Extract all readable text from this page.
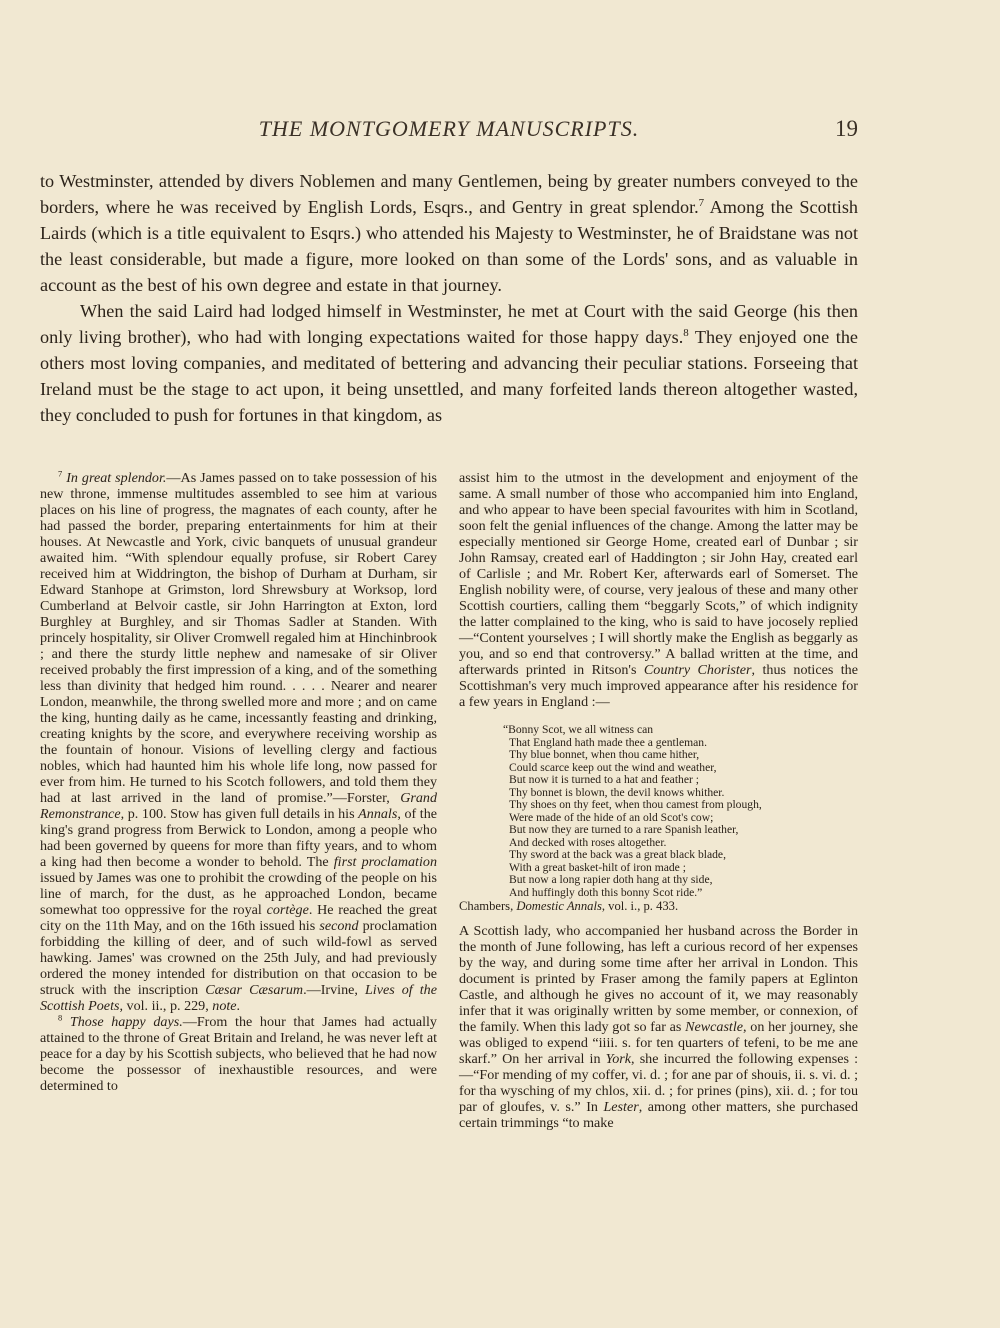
THE MONTGOMERY MANUSCRIPTS.	19

to Westminster, attended by divers Noblemen and many Gentlemen, being by greater numbers conveyed to the borders, where he was received by English Lords, Esqrs., and Gentry in great splendor.$^7$ Among the Scottish Lairds (which is a title equivalent to Esqrs.) who attended his Majesty to Westminster, he of Braidstane was not the least considerable, but made a figure, more looked on than some of the Lords' sons, and as valuable in account as the best of his own degree and estate in that journey.

When the said Laird had lodged himself in Westminster, he met at Court with the said George (his then only living brother), who had with longing expectations waited for those happy days.$^8$ They enjoyed one the others most loving companies, and meditated of bettering and advancing their peculiar stations. Forseeing that Ireland must be the stage to act upon, it being unsettled, and many forfeited lands thereon altogether wasted, they concluded to push for fortunes in that kingdom, as

$^7$ In great splendor.—As James passed on to take possession of his new throne, immense multitudes assembled to see him at various places on his line of progress, the magnates of each county, after he had passed the border, preparing entertainments for him at their houses. At Newcastle and York, civic banquets of unusual grandeur awaited him. “With splendour equally profuse, sir Robert Carey received him at Widdrington, the bishop of Durham at Durham, sir Edward Stanhope at Grimston, lord Shrewsbury at Worksop, lord Cumberland at Belvoir castle, sir John Harrington at Exton, lord Burghley at Burghley, and sir Thomas Sadler at Standen. With princely hospitality, sir Oliver Cromwell regaled him at Hinchinbrook ; and there the sturdy little nephew and namesake of sir Oliver received probably the first impression of a king, and of the something less than divinity that hedged him round. . . . . Nearer and nearer London, meanwhile, the throng swelled more and more ; and on came the king, hunting daily as he came, incessantly feasting and drinking, creating knights by the score, and everywhere receiving worship as the fountain of honour. Visions of levelling clergy and factious nobles, which had haunted him his whole life long, now passed for ever from him. He turned to his Scotch followers, and told them they had at last arrived in the land of promise.”—Forster, Grand Remonstrance, p. 100. Stow has given full details in his Annals, of the king's grand progress from Berwick to London, among a people who had been governed by queens for more than fifty years, and to whom a king had then become a wonder to behold. The first proclamation issued by James was one to prohibit the crowding of the people on his line of march, for the dust, as he approached London, became somewhat too oppressive for the royal cortège. He reached the great city on the 11th May, and on the 16th issued his second proclamation forbidding the killing of deer, and of such wild-fowl as served hawking. James' was crowned on the 25th July, and had previously ordered the money intended for distribution on that occasion to be struck with the inscription Cæsar Cæsarum.—Irvine, Lives of the Scottish Poets, vol. ii., p. 229, note.

$^8$ Those happy days.—From the hour that James had actually attained to the throne of Great Britain and Ireland, he was never left at peace for a day by his Scottish subjects, who believed that he had now become the possessor of inexhaustible resources, and were determined to

assist him to the utmost in the development and enjoyment of the same. A small number of those who accompanied him into England, and who appear to have been special favourites with him in Scotland, soon felt the genial influences of the change. Among the latter may be especially mentioned sir George Home, created earl of Dunbar ; sir John Ramsay, created earl of Haddington ; sir John Hay, created earl of Carlisle ; and Mr. Robert Ker, afterwards earl of Somerset. The English nobility were, of course, very jealous of these and many other Scottish courtiers, calling them “beggarly Scots,” of which indignity the latter complained to the king, who is said to have jocosely replied—“Content yourselves ; I will shortly make the English as beggarly as you, and so end that controversy.” A ballad written at the time, and afterwards printed in Ritson's Country Chorister, thus notices the Scottishman's very much improved appearance after his residence for a few years in England :—

“Bonny Scot, we all witness can
That England hath made thee a gentleman.
Thy blue bonnet, when thou came hither,
Could scarce keep out the wind and weather,
But now it is turned to a hat and feather ;
Thy bonnet is blown, the devil knows whither.
Thy shoes on thy feet, when thou camest from plough,
Were made of the hide of an old Scot's cow;
But now they are turned to a rare Spanish leather,
And decked with roses altogether.
Thy sword at the back was a great black blade,
With a great basket-hilt of iron made ;
But now a long rapier doth hang at thy side,
And huffingly doth this bonny Scot ride.”
Chambers, Domestic Annals, vol. i., p. 433.

A Scottish lady, who accompanied her husband across the Border in the month of June following, has left a curious record of her expenses by the way, and during some time after her arrival in London. This document is printed by Fraser among the family papers at Eglinton Castle, and although he gives no account of it, we may reasonably infer that it was originally written by some member, or connexion, of the family. When this lady got so far as Newcastle, on her journey, she was obliged to expend “iiii. s. for ten quarters of tefeni, to be me ane skarf.” On her arrival in York, she incurred the following expenses :—“For mending of my coffer, vi. d. ; for ane par of shouis, ii. s. vi. d. ; for tha wysching of my chlos, xii. d. ; for prines (pins), xii. d. ; for tou par of gloufes, v. s.” In Lester, among other matters, she purchased certain trimmings “to make
